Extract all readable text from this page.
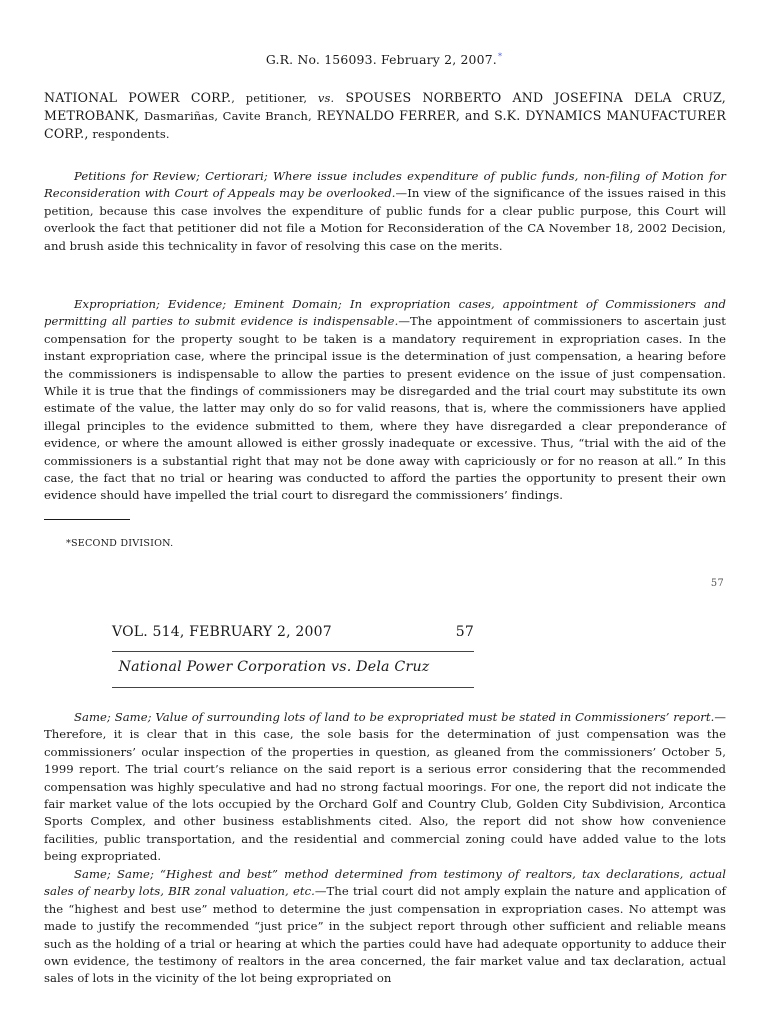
G.R. No. 156093. February 2, 2007.*
NATIONAL POWER CORP., petitioner, vs. SPOUSES NORBERTO AND JOSEFINA DELA CRUZ, METROBANK, Dasmariñas, Cavite Branch, REYNALDO FERRER, and S.K. DYNAMICS MANUFACTURER CORP., respondents.
Petitions for Review; Certiorari; Where issue includes expenditure of public funds, non-filing of Motion for Reconsideration with Court of Appeals may be overlooked.—In view of the significance of the issues raised in this petition, because this case involves the expenditure of public funds for a clear public purpose, this Court will overlook the fact that petitioner did not file a Motion for Reconsideration of the CA November 18, 2002 Decision, and brush aside this technicality in favor of resolving this case on the merits.
Expropriation; Evidence; Eminent Domain; In expropriation cases, appointment of Commissioners and permitting all parties to submit evidence is indispensable.—The appointment of commissioners to ascertain just compensation for the property sought to be taken is a mandatory requirement in expropriation cases. In the instant expropriation case, where the principal issue is the determination of just compensation, a hearing before the commissioners is indispensable to allow the parties to present evidence on the issue of just compensation. While it is true that the findings of commissioners may be disregarded and the trial court may substitute its own estimate of the value, the latter may only do so for valid reasons, that is, where the commissioners have applied illegal principles to the evidence submitted to them, where they have disregarded a clear preponderance of evidence, or where the amount allowed is either grossly inadequate or excessive. Thus, “trial with the aid of the commissioners is a substantial right that may not be done away with capriciously or for no reason at all.” In this case, the fact that no trial or hearing was conducted to afford the parties the opportunity to present their own evidence should have impelled the trial court to disregard the commissioners’ findings.
*SECOND DIVISION.
57
VOL. 514, FEBRUARY 2, 2007	57
National Power Corporation vs. Dela Cruz
Same; Same; Value of surrounding lots of land to be expropriated must be stated in Commissioners’ report.—Therefore, it is clear that in this case, the sole basis for the determination of just compensation was the commissioners’ ocular inspection of the properties in question, as gleaned from the commissioners’ October 5, 1999 report. The trial court’s reliance on the said report is a serious error considering that the recommended compensation was highly speculative and had no strong factual moorings. For one, the report did not indicate the fair market value of the lots occupied by the Orchard Golf and Country Club, Golden City Subdivision, Arcontica Sports Complex, and other business establishments cited. Also, the report did not show how convenience facilities, public transportation, and the residential and commercial zoning could have added value to the lots being expropriated.
Same; Same; “Highest and best” method determined from testimony of realtors, tax declarations, actual sales of nearby lots, BIR zonal valuation, etc.—The trial court did not amply explain the nature and application of the “highest and best use” method to determine the just compensation in expropriation cases. No attempt was made to justify the recommended “just price” in the subject report through other sufficient and reliable means such as the holding of a trial or hearing at which the parties could have had adequate opportunity to adduce their own evidence, the testimony of realtors in the area concerned, the fair market value and tax declaration, actual sales of lots in the vicinity of the lot being expropriated on
